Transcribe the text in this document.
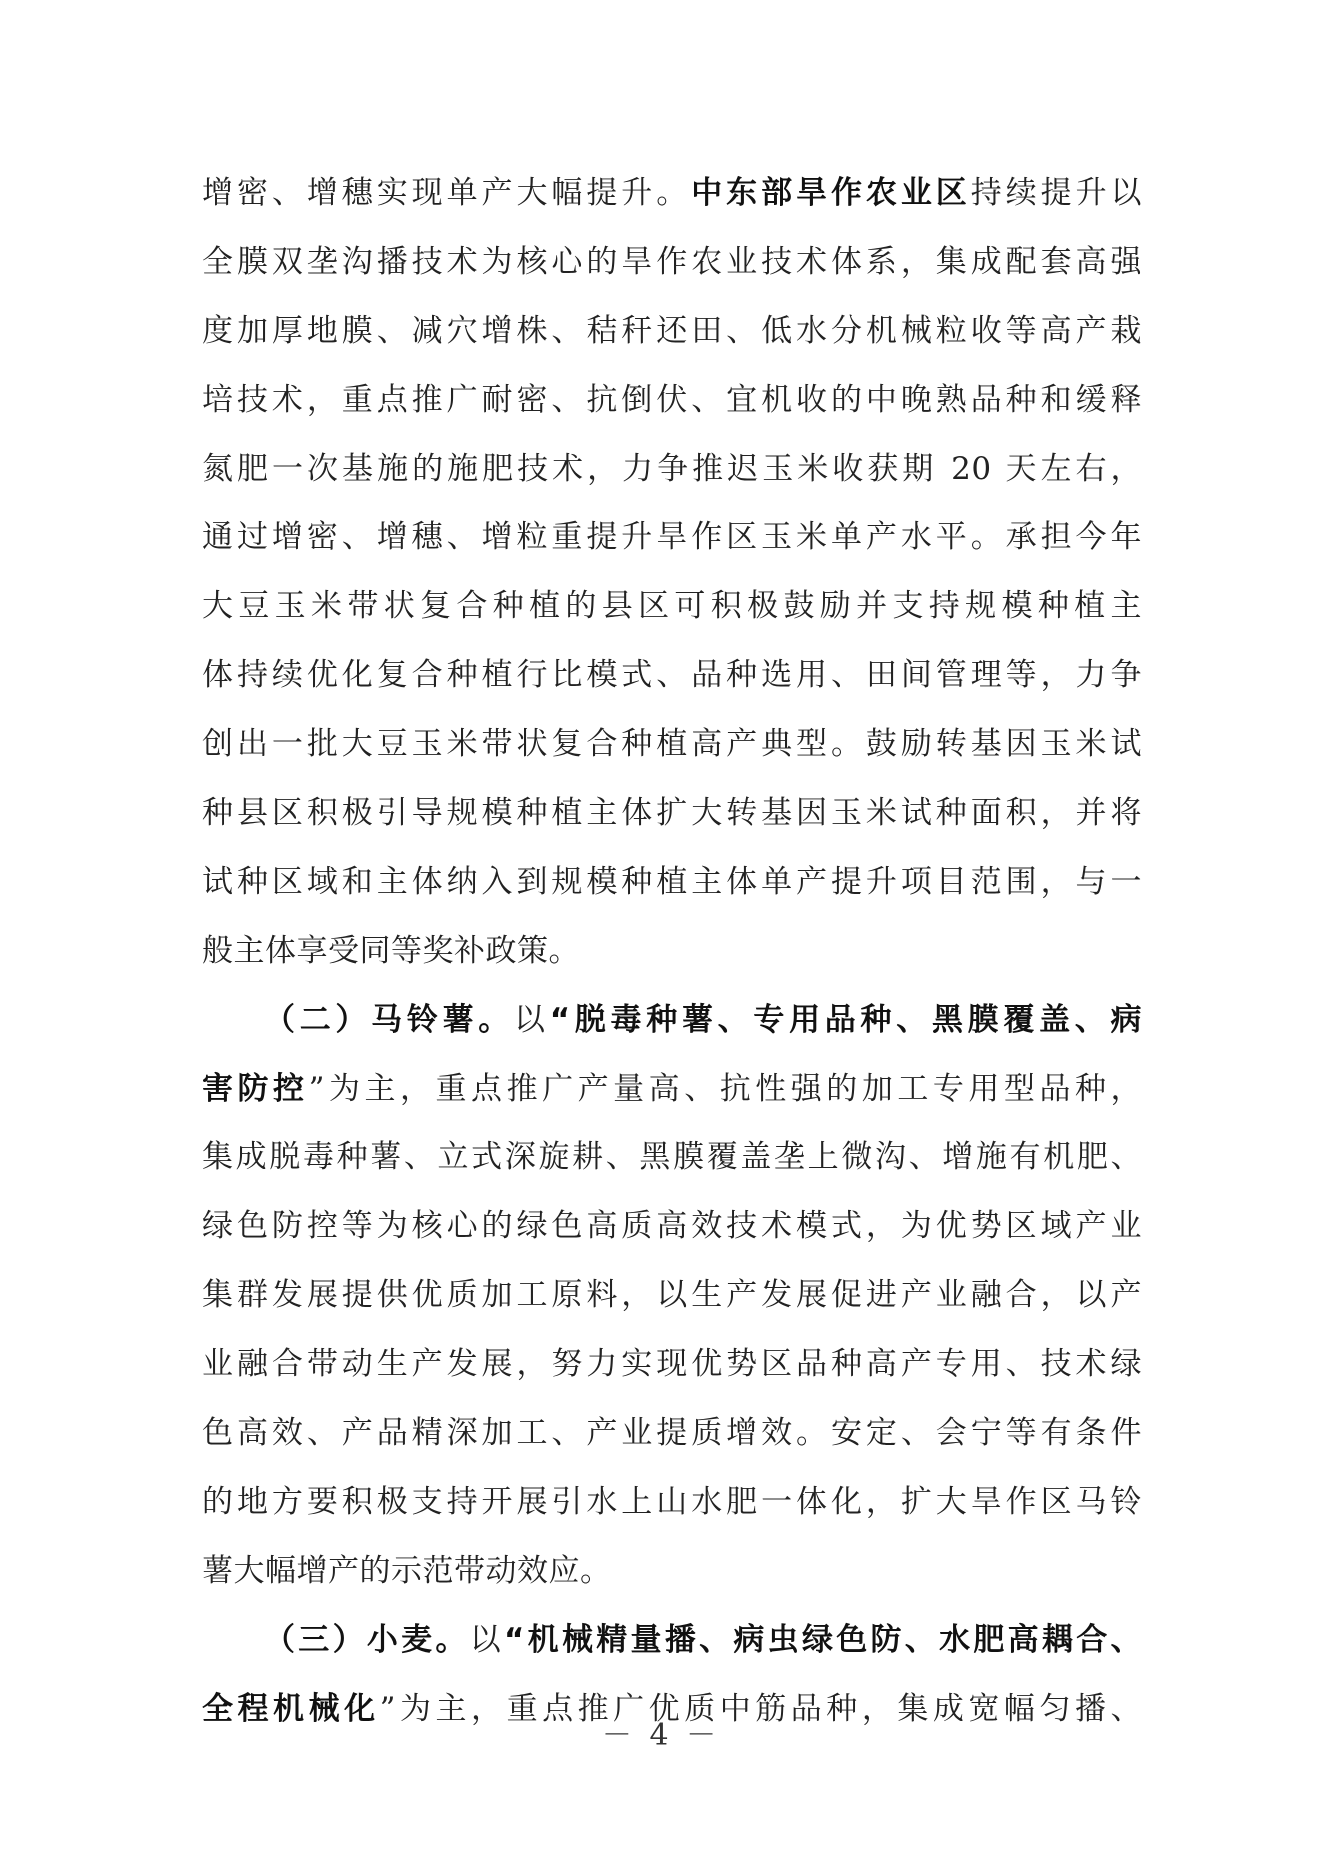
增密、增穗实现单产大幅提升。中东部旱作农业区持续提升以
全膜双垄沟播技术为核心的旱作农业技术体系，集成配套高强
度加厚地膜、减穴增株、秸秆还田、低水分机械粒收等高产栽
培技术，重点推广耐密、抗倒伏、宜机收的中晚熟品种和缓释
氮肥一次基施的施肥技术，力争推迟玉米收获期 20 天左右，
通过增密、增穗、增粒重提升旱作区玉米单产水平。承担今年
大豆玉米带状复合种植的县区可积极鼓励并支持规模种植主
体持续优化复合种植行比模式、品种选用、田间管理等，力争
创出一批大豆玉米带状复合种植高产典型。鼓励转基因玉米试
种县区积极引导规模种植主体扩大转基因玉米试种面积，并将
试种区域和主体纳入到规模种植主体单产提升项目范围，与一
般主体享受同等奖补政策。
（二）马铃薯。以“脱毒种薯、专用品种、黑膜覆盖、病
害防控”为主，重点推广产量高、抗性强的加工专用型品种，
集成脱毒种薯、立式深旋耕、黑膜覆盖垄上微沟、增施有机肥、
绿色防控等为核心的绿色高质高效技术模式，为优势区域产业
集群发展提供优质加工原料，以生产发展促进产业融合，以产
业融合带动生产发展，努力实现优势区品种高产专用、技术绿
色高效、产品精深加工、产业提质增效。安定、会宁等有条件
的地方要积极支持开展引水上山水肥一体化，扩大旱作区马铃
薯大幅增产的示范带动效应。
（三）小麦。以“机械精量播、病虫绿色防、水肥高耦合、
全程机械化”为主，重点推广优质中筋品种，集成宽幅匀播、
－ 4 －
